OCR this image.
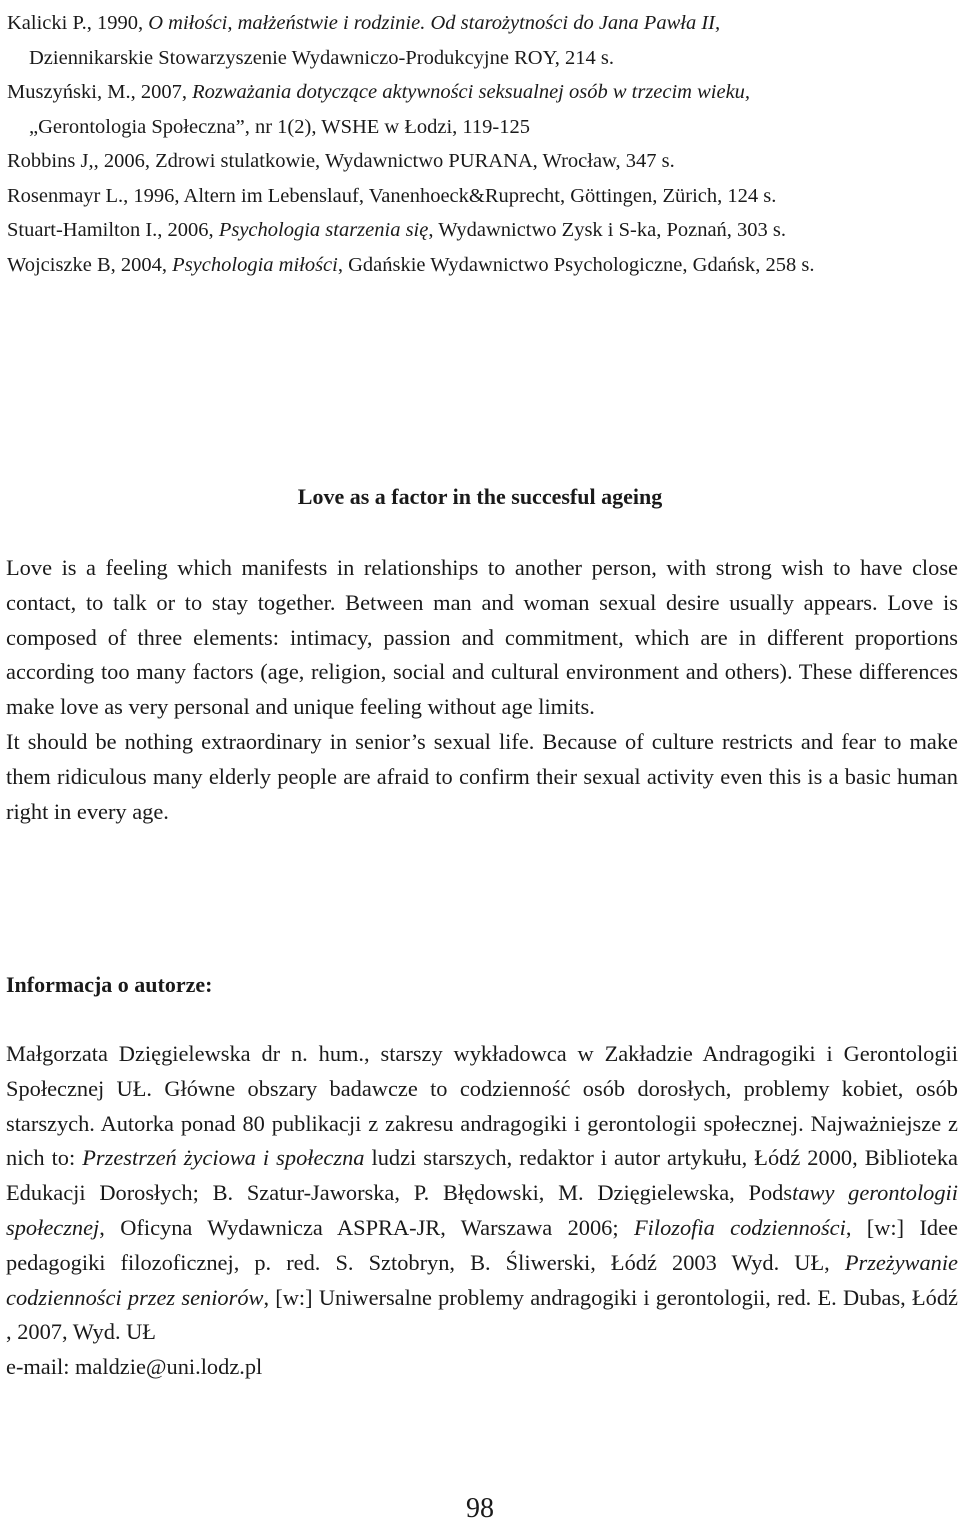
Kalicki P., 1990, O miłości, małżeństwie i rodzinie. Od starożytności do Jana Pawła II,
Dziennikarskie Stowarzyszenie Wydawniczo-Produkcyjne ROY, 214 s.

Muszyński, M., 2007, Rozważania dotyczące aktywności seksualnej osób w trzecim wieku,
„Gerontologia Społeczna”, nr 1(2), WSHE w Łodzi, 119-125

Robbins J,, 2006, Zdrowi stulatkowie, Wydawnictwo PURANA, Wrocław, 347 s.

Rosenmayr L., 1996, Altern im Lebenslauf, Vanenhoeck&Ruprecht, Göttingen, Zürich, 124 s.

Stuart-Hamilton I., 2006, Psychologia starzenia się, Wydawnictwo Zysk i S-ka, Poznań, 303 s.

Wojciszke B, 2004, Psychologia miłości, Gdańskie Wydawnictwo Psychologiczne, Gdańsk, 258 s.

Love as a factor in the succesful ageing

Love is a feeling which manifests in relationships to another person, with strong wish to have close contact, to talk or to stay together. Between man and woman sexual desire usually appears. Love is composed of three elements: intimacy, passion and commitment, which are in different proportions according too many factors (age, religion, social and cultural environment and others). These differences make love as very personal and unique feeling without age limits.

It should be nothing extraordinary in senior’s sexual life. Because of culture restricts and fear to make them ridiculous many elderly people are afraid to confirm their sexual activity even this is a basic human right in every age.

Informacja o autorze:

Małgorzata Dzięgielewska dr n. hum., starszy wykładowca w Zakładzie Andragogiki i Gerontologii Społecznej UŁ. Główne obszary badawcze to codzienność osób dorosłych, problemy kobiet, osób starszych. Autorka ponad 80 publikacji z zakresu andragogiki i gerontologii społecznej. Najważniejsze z nich to: Przestrzeń życiowa i społeczna ludzi starszych, redaktor i autor artykułu, Łódź 2000, Biblioteka Edukacji Dorosłych; B. Szatur-Jaworska, P. Błędowski, M. Dzięgielewska, Podstawy gerontologii społecznej, Oficyna Wydawnicza ASPRA-JR, Warszawa 2006; Filozofia codzienności, [w:] Idee pedagogiki filozoficznej, p. red. S. Sztobryn, B. Śliwerski, Łódź 2003 Wyd. UŁ, Przeżywanie codzienności przez seniorów, [w:] Uniwersalne problemy andragogiki i gerontologii, red. E. Dubas, Łódź , 2007, Wyd. UŁ

e-mail: maldzie@uni.lodz.pl

98
